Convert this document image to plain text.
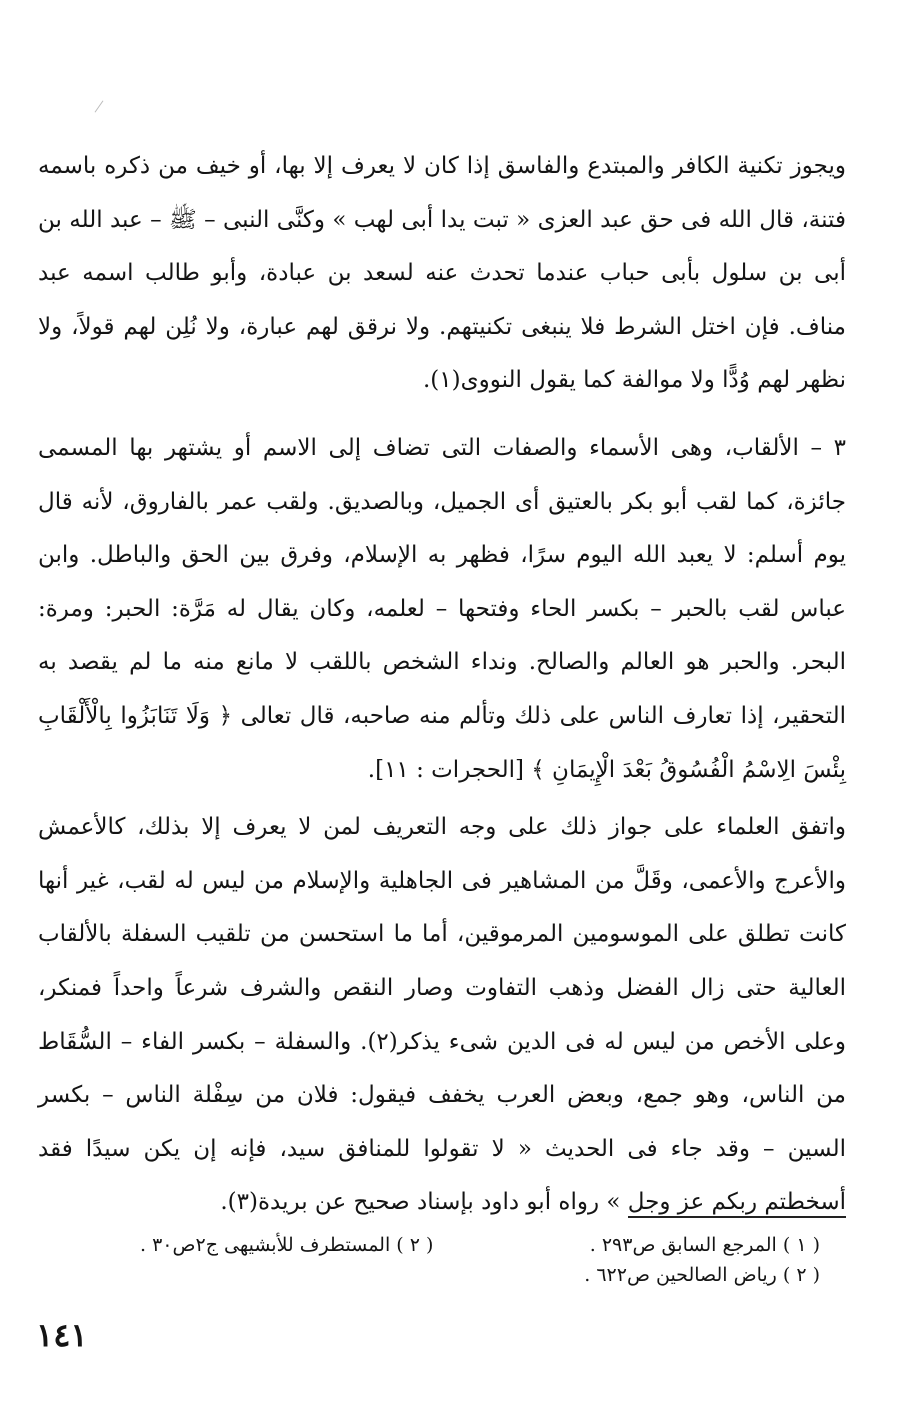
ويجوز تكنية الكافر والمبتدع والفاسق إذا كان لا يعرف إلا بها، أو خيف من ذكره باسمه فتنة، قال الله فى حق عبد العزى « تبت يدا أبى لهب » وكنَّى النبى – ﷺ – عبد الله بن أبى بن سلول بأبى حباب عندما تحدث عنه لسعد بن عبادة، وأبو طالب اسمه عبد مناف. فإن اختل الشرط فلا ينبغى تكنيتهم. ولا نرقق لهم عبارة، ولا نُلِن لهم قولاً، ولا نظهر لهم وُدًّا ولا موالفة كما يقول النووى(١).

٣ – الألقاب، وهى الأسماء والصفات التى تضاف إلى الاسم أو يشتهر بها المسمى جائزة، كما لقب أبو بكر بالعتيق أى الجميل، وبالصديق. ولقب عمر بالفاروق، لأنه قال يوم أسلم: لا يعبد الله اليوم سرًا، فظهر به الإسلام، وفرق بين الحق والباطل. وابن عباس لقب بالحبر – بكسر الحاء وفتحها – لعلمه، وكان يقال له مَرَّة: الحبر: ومرة: البحر. والحبر هو العالم والصالح. ونداء الشخص باللقب لا مانع منه ما لم يقصد به التحقير، إذا تعارف الناس على ذلك وتألم منه صاحبه، قال تعالى ﴿ وَلَا تَنَابَزُوا بِالْأَلْقَابِ بِئْسَ الِاسْمُ الْفُسُوقُ بَعْدَ الْإِيمَانِ ﴾ [الحجرات : ١١].

واتفق العلماء على جواز ذلك على وجه التعريف لمن لا يعرف إلا بذلك، كالأعمش والأعرج والأعمى، وقَلَّ من المشاهير فى الجاهلية والإسلام من ليس له لقب، غير أنها كانت تطلق على الموسومين المرموقين، أما ما استحسن من تلقيب السفلة بالألقاب العالية حتى زال الفضل وذهب التفاوت وصار النقص والشرف شرعاً واحداً فمنكر، وعلى الأخص من ليس له فى الدين شىء يذكر(٢). والسفلة – بكسر الفاء – السُّقَاط من الناس، وهو جمع، وبعض العرب يخفف فيقول: فلان من سِفْلة الناس – بكسر السين – وقد جاء فى الحديث « لا تقولوا للمنافق سيد، فإنه إن يكن سيدًا فقد أسخطتم ربكم عز وجل » رواه أبو داود بإسناد صحيح عن بريدة(٣).

( ١ ) المرجع السابق ص٢٩٣ .
( ٢ ) المستطرف للأبشيهى ج٢ص٣٠ .
( ٢ ) رياض الصالحين ص٦٢٢ .
١٤١
